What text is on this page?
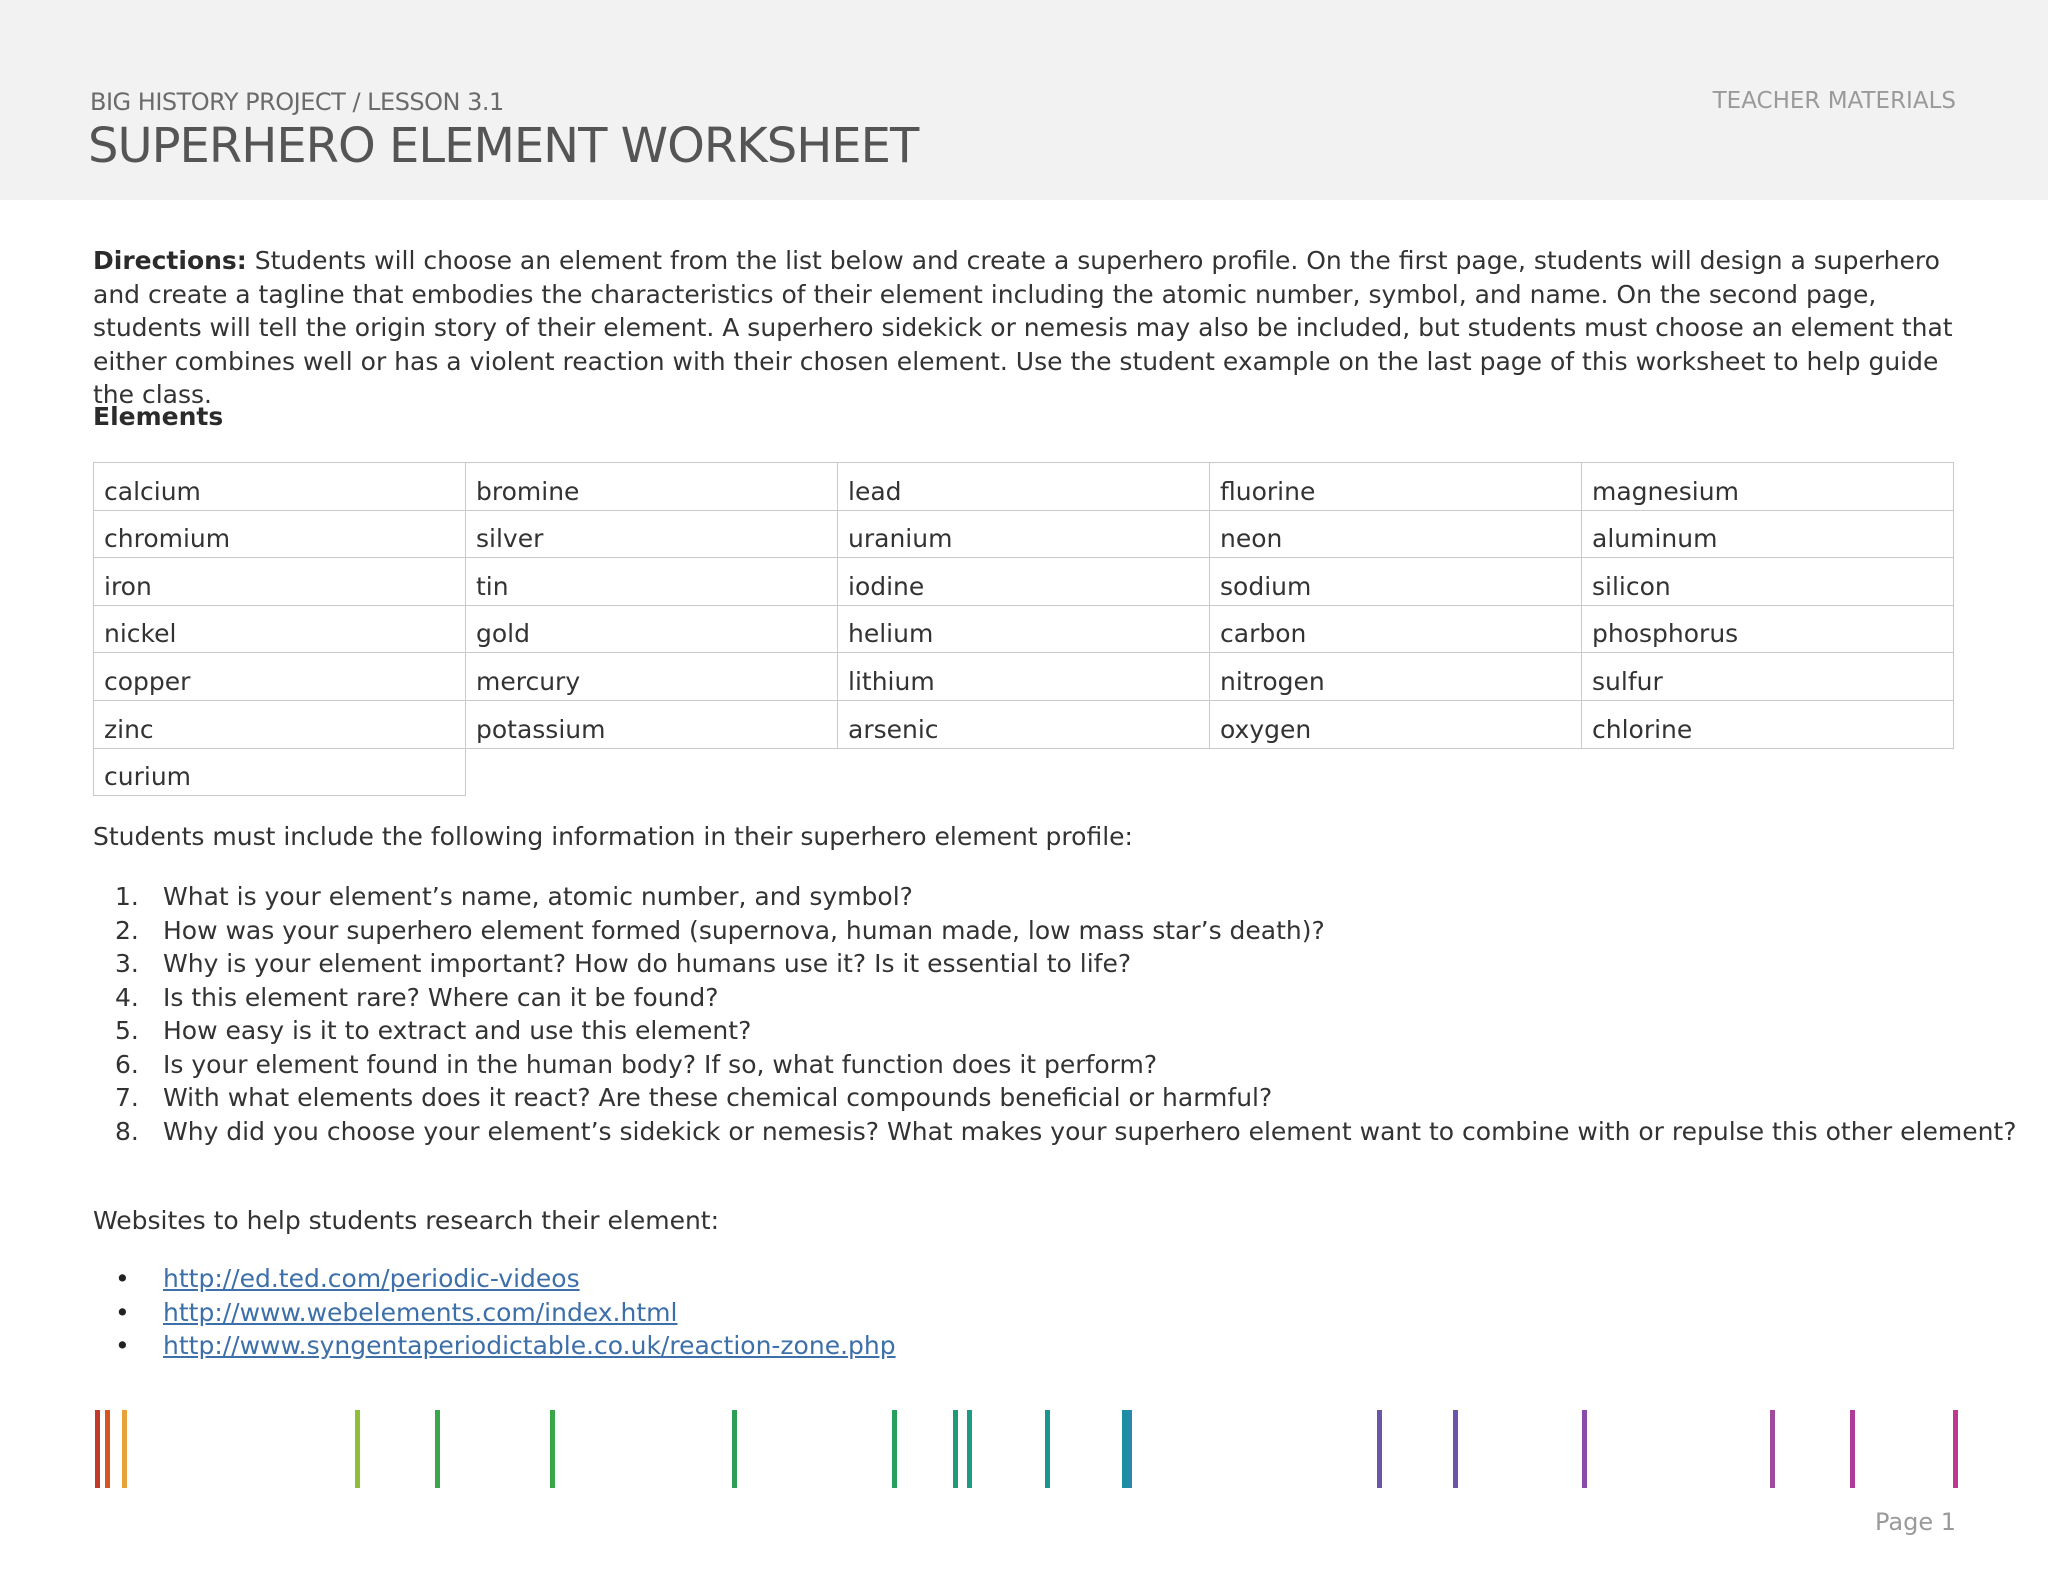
BIG HISTORY PROJECT / LESSON 3.1
SUPERHERO ELEMENT WORKSHEET
TEACHER MATERIALS
Directions: Students will choose an element from the list below and create a superhero profile. On the first page, students will design a superhero and create a tagline that embodies the characteristics of their element including the atomic number, symbol, and name. On the second page, students will tell the origin story of their element. A superhero sidekick or nemesis may also be included, but students must choose an element that either combines well or has a violent reaction with their chosen element. Use the student example on the last page of this worksheet to help guide the class.
Elements
calcium	bromine	lead	fluorine	magnesium
chromium	silver	uranium	neon	aluminum
iron	tin	iodine	sodium	silicon
nickel	gold	helium	carbon	phosphorus
copper	mercury	lithium	nitrogen	sulfur
zinc	potassium	arsenic	oxygen	chlorine
curium				
Students must include the following information in their superhero element profile:
1. What is your element’s name, atomic number, and symbol?
2. How was your superhero element formed (supernova, human made, low mass star’s death)?
3. Why is your element important? How do humans use it? Is it essential to life?
4. Is this element rare? Where can it be found?
5. How easy is it to extract and use this element?
6. Is your element found in the human body? If so, what function does it perform?
7. With what elements does it react? Are these chemical compounds beneficial or harmful?
8. Why did you choose your element’s sidekick or nemesis? What makes your superhero element want to combine with or repulse this other element?
Websites to help students research their element:
• http://ed.ted.com/periodic-videos
• http://www.webelements.com/index.html
• http://www.syngentaperiodictable.co.uk/reaction-zone.php
Page 1
